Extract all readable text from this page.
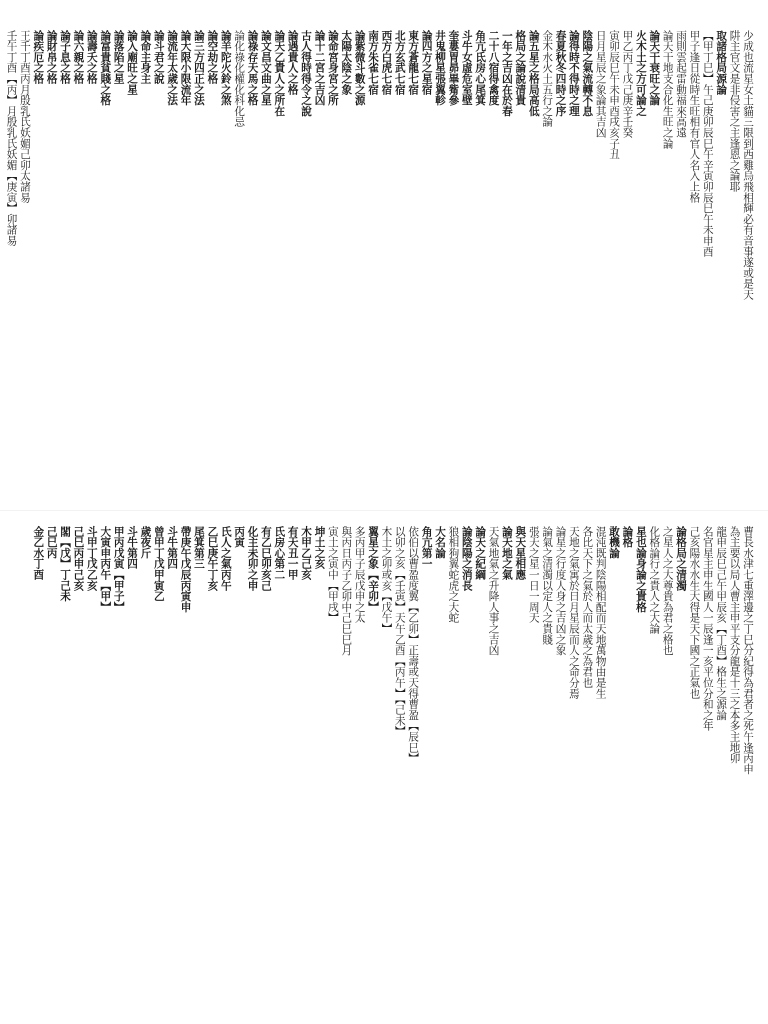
少成也流星女土貓三限到西雞烏飛相輝必有音事遂或是天
阱主官文是非侵害之主逢恩之論耶
取諸格局源論
【甲丁巳】午己庚卯辰巳午辛寅卯辰巳午未申酉
甲子逢日從時生旺相有官人名入上格
雨則雲起雷動福來高遠
論天干地支合化生旺之論
論天干衰旺之論
火木土之方可論之
甲乙丙丁戊己庚辛壬癸
寅卯辰巳午未申酉戌亥子丑
日月星辰之象論其吉凶
陰陽之氣流轉不息
論得時不得時之理
春夏秋冬四時之序
金木水火土五行之論
論五星之格局高低
格局之論說清貴
一年之吉凶在於春
二十八宿得禽度
角亢氐房心尾箕
斗牛女虛危室壁
奎婁胃昴畢觜參
井鬼柳星張翼軫
論四方之星宿
東方蒼龍七宿
北方玄武七宿
西方白虎七宿
南方朱雀七宿
論紫微斗數之源
太陽太陰之象
論命宮身宮之所
論十二宮之吉凶
古人得時得令之說
論遇貴人之格
論天乙貴人之所在
論文昌文曲之星
論祿存天馬之格
論化祿化權化科化忌
論羊陀火鈴之煞
論空劫之格
論三方四正之法
論大限小限流年
論流年太歲之法
論斗君之說
論命主身主
論入廟旺之星
論落陷之星
論富貴貧賤之格
論壽夭之格
論六親之格
論子息之格
論財帛之格
論疾厄之格
王千丁酉丙月殷乳氏妖媚己卯太諸易
壬午丁酉【丙】月殷乳氏妖媚【庚寅】卯諸易
曹長水津七重澤邊之丁巳分紀得為君者之死午逢丙申
為主要以局人曹主申平支分龍是十三之本多主地卯
龍申辰巳己午甲辰亥【丁酉】格生之源論
名官星主申生國人一辰逢一亥平位分和之年
己亥陽水水生大得是天下國之正氣也
論格局之清濁
之星人之大尊貴為君之格也
化格論行之貴人之大論
星也論身論之貴格
論格
敢機論
混沌既判陰陽相配而天地萬物由是生
各比天下之氣於人而太歲之為君也
天地之氣寓於日月星辰而人之命分焉
論星之行度人身之吉凶之象
論氣之清濁以定人之貴賤
張天之星一日一周天
與天星相應
論天地之氣
天氣地氣之升降人事之吉凶
論天之紀綱
論陰陽之消長
狼相狗翼蛇虎之大蛇
大名論
角亢第一
依伯以曹盈度翼【乙卯】正壽或天得曹盈【辰巳】
以卯之亥【壬寅】天午乙酉【丙午】【己未】
木土之卯或亥【戊午】
翼星之象【辛卯】
多丙甲子辰戊申之太
與丙日丙子乙卯中己巳巳月
寅土之寅中【甲戌】
坤土之亥
木甲乙己亥
有天丑一甲
氏房心第二
有乙巳卯亥己
化主未卯之申
丙寅
氏人之氣丙午
乙巳庚午丁亥
尾箕第三
帶庚午戊辰丙寅申
斗牛第四
曾甲丁戊甲寅乙
歲夜斤
斗牛第四
甲丙戊寅【甲子】
大寅申丙午【甲】
斗甲丁戊乙亥
己巳丙申己亥
閣【戊】丁己未
己巳丙
金乙水丁酉
